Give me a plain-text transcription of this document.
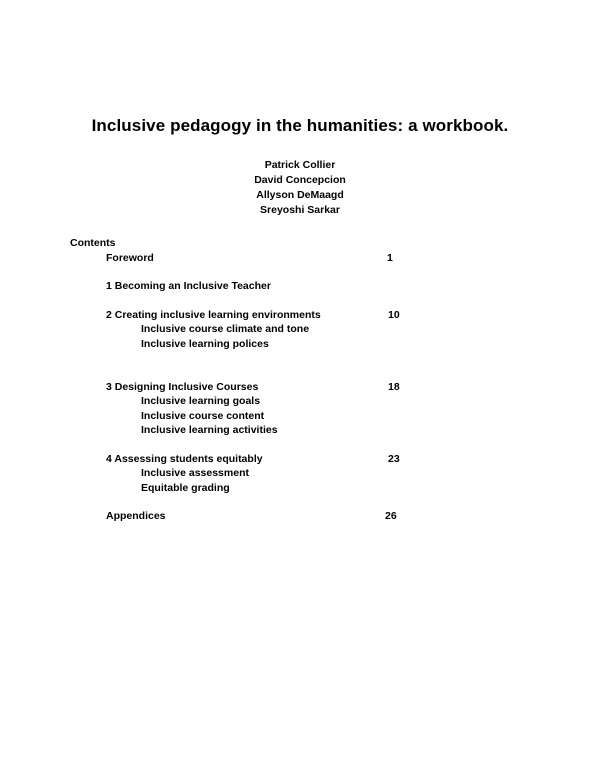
Inclusive pedagogy in the humanities: a workbook.
Patrick Collier
David Concepcion
Allyson DeMaagd
Sreyoshi Sarkar
Contents
Foreword	1
1 Becoming an Inclusive Teacher
2 Creating inclusive learning environments	10
Inclusive course climate and tone
Inclusive learning polices
3 Designing Inclusive Courses	18
Inclusive learning goals
Inclusive course content
Inclusive learning activities
4 Assessing students equitably	23
Inclusive assessment
Equitable grading
Appendices	26
